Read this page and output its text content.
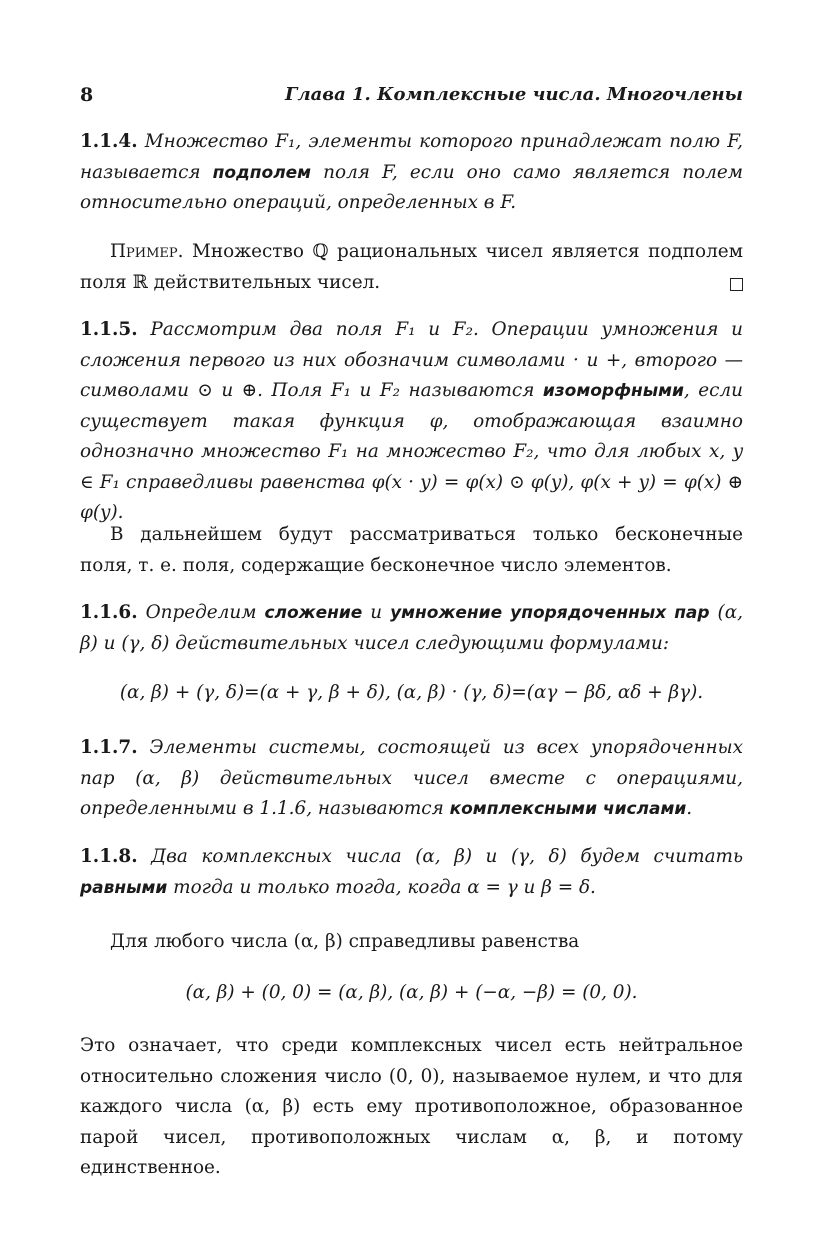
8	Глава 1. Комплексные числа. Многочлены

1.1.4. Множество F₁, элементы которого принадлежат полю F, называется подполем поля F, если оно само является полем относительно операций, определенных в F.

Пример. Множество ℚ рациональных чисел является подполем поля ℝ действительных чисел.

1.1.5. Рассмотрим два поля F₁ и F₂. Операции умножения и сложения первого из них обозначим символами · и +, второго — символами ⊙ и ⊕. Поля F₁ и F₂ называются изоморфными, если существует такая функция φ, отображающая взаимно однозначно множество F₁ на множество F₂, что для любых x, y ∈ F₁ справедливы равенства φ(x · y) = φ(x) ⊙ φ(y), φ(x + y) = φ(x) ⊕ φ(y).

В дальнейшем будут рассматриваться только бесконечные поля, т. е. поля, содержащие бесконечное число элементов.

1.1.6. Определим сложение и умножение упорядоченных пар (α, β) и (γ, δ) действительных чисел следующими формулами:

(α, β) + (γ, δ)=(α + γ, β + δ), (α, β) · (γ, δ)=(αγ − βδ, αδ + βγ).

1.1.7. Элементы системы, состоящей из всех упорядоченных пар (α, β) действительных чисел вместе с операциями, определенными в 1.1.6, называются комплексными числами.

1.1.8. Два комплексных числа (α, β) и (γ, δ) будем считать равными тогда и только тогда, когда α = γ и β = δ.

Для любого числа (α, β) справедливы равенства

(α, β) + (0, 0) = (α, β), (α, β) + (−α, −β) = (0, 0).

Это означает, что среди комплексных чисел есть нейтральное относительно сложения число (0, 0), называемое нулем, и что для каждого числа (α, β) есть ему противоположное, образованное парой чисел, противоположных числам α, β, и потому единственное.
